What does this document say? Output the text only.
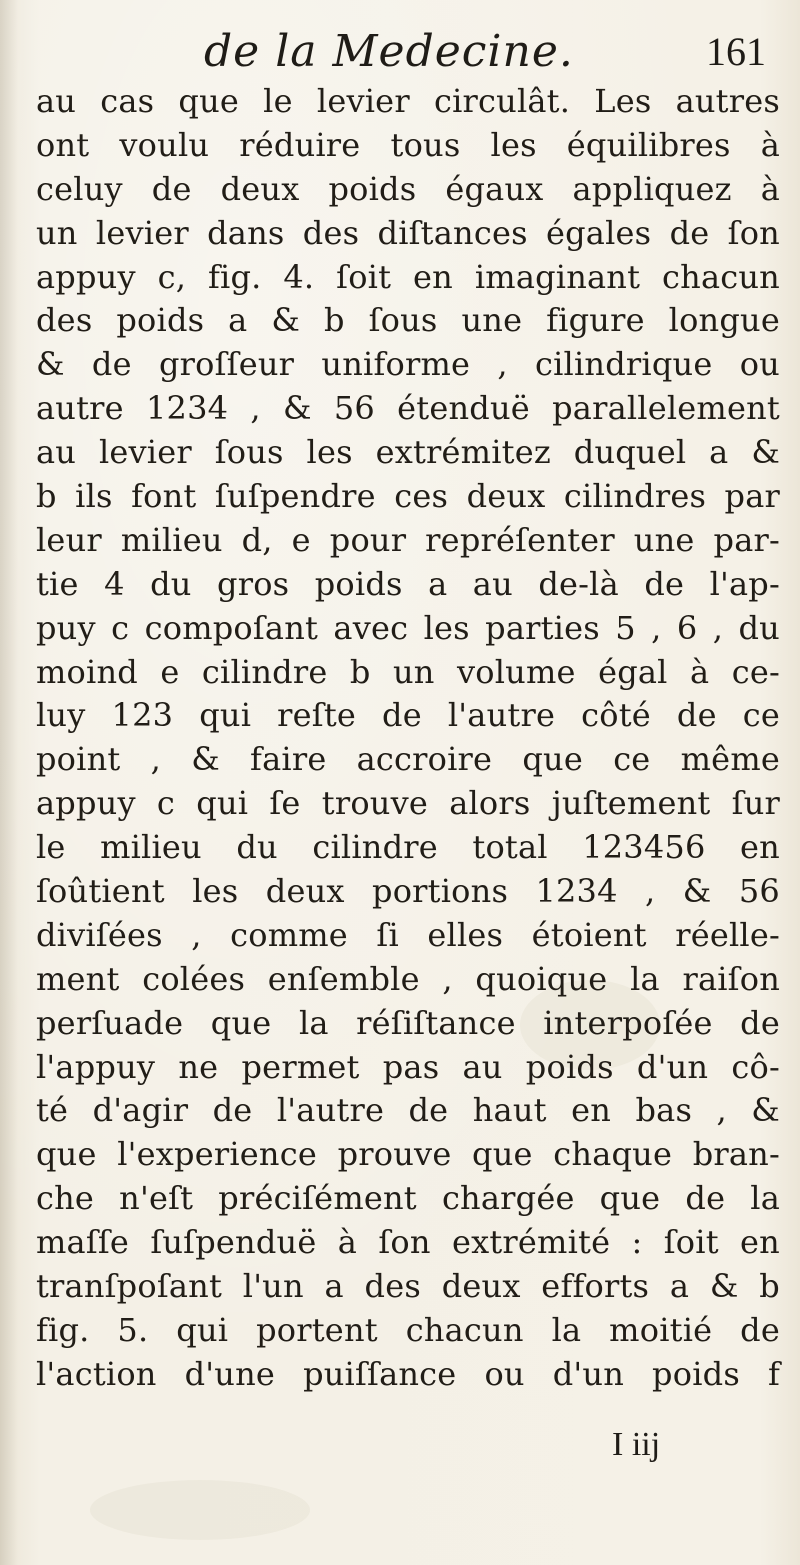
de la Medecine.	161
au cas que le levier circulât. Les autres
ont voulu réduire tous les équilibres à
celuy de deux poids égaux appliquez à
un levier dans des diſtances égales de ſon
appuy c, fig. 4. ſoit en imaginant chacun
des poids a & b ſous une figure longue
& de groſſeur uniforme , cilindrique ou
autre 1234 , & 56 étenduë parallelement
au levier ſous les extrémitez duquel a &
b ils font ſuſpendre ces deux cilindres par
leur milieu d, e pour repréſenter une par-
tie 4 du gros poids a au de-là de l'ap-
puy c compoſant avec les parties 5 , 6 , du
moind e cilindre b un volume égal à ce-
luy 123 qui reſte de l'autre côté de ce
point , & faire accroire que ce même
appuy c qui ſe trouve alors juſtement ſur
le milieu du cilindre total 123456 en
ſoûtient les deux portions 1234 , & 56
diviſées , comme ſi elles étoient réelle-
ment colées enſemble , quoique la raiſon
perſuade que la réſiſtance interpoſée de
l'appuy ne permet pas au poids d'un cô-
té d'agir de l'autre de haut en bas , &
que l'experience prouve que chaque bran-
che n'eſt préciſément chargée que de la
maſſe ſuſpenduë à ſon extrémité : ſoit en
tranſpoſant l'un a des deux efforts a & b
fig. 5. qui portent chacun la moitié de
l'action d'une puiſſance ou d'un poids f
I iij
